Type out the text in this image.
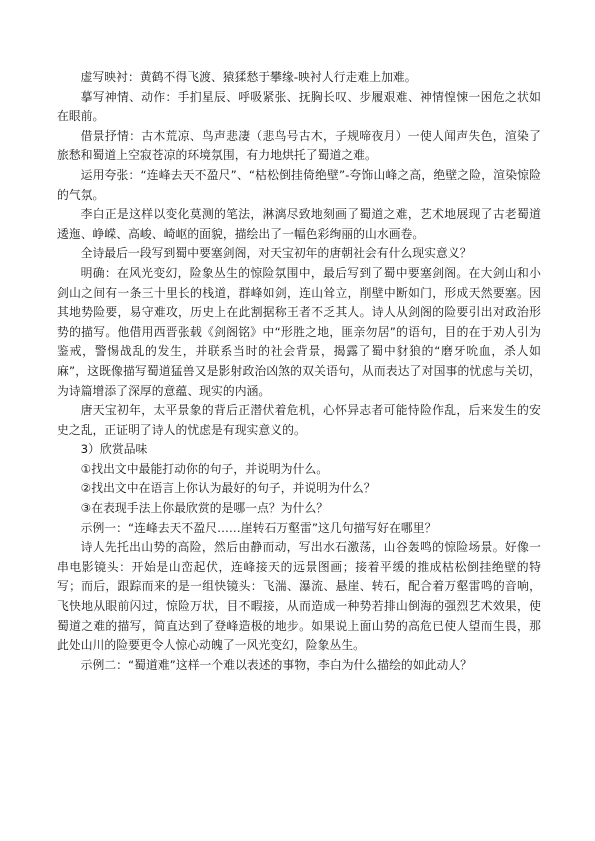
虚写映衬：黄鹤不得飞渡、猿猱愁于攀缘-映衬人行走难上加难。

摹写神情、动作：手扪星辰、呼吸紧张、抚胸长叹、步履艰难、神情惶悚一困危之状如在眼前。

借景抒情：古木荒凉、鸟声悲凄（悲鸟号古木，子规啼夜月）一使人闻声失色，渲染了旅愁和蜀道上空寂苍凉的环境氛围，有力地烘托了蜀道之难。

运用夸张：“连峰去天不盈尺”、“枯松倒挂倚绝壁”-夸饰山峰之高，绝壁之险，渲染惊险的气氛。

李白正是这样以变化莫测的笔法，淋漓尽致地刻画了蜀道之难，艺术地展现了古老蜀道逶迤、峥嵘、高峻、崎岖的面貌，描绘出了一幅色彩绚丽的山水画卷。

全诗最后一段写到蜀中要塞剑阁，对天宝初年的唐朝社会有什么现实意义？

明确：在风光变幻，险象丛生的惊险氛围中，最后写到了蜀中要塞剑阁。在大剑山和小剑山之间有一条三十里长的栈道，群峰如剑，连山耸立，削壁中断如门，形成天然要塞。因其地势险要，易守难攻，历史上在此割据称王者不乏其人。诗人从剑阁的险要引出对政治形势的描写。他借用西晋张载《剑阁铭》中“形胜之地，匪亲勿居”的语句，目的在于劝人引为鉴戒，警惕战乱的发生，并联系当时的社会背景，揭露了蜀中豺狼的“磨牙吮血，杀人如麻”，这既像描写蜀道猛兽又是影射政治凶煞的双关语句，从而表达了对国事的忧虑与关切，为诗篇增添了深厚的意蕴、现实的内涵。

唐天宝初年，太平景象的背后正潜伏着危机，心怀异志者可能恃险作乱，后来发生的安史之乱，正证明了诗人的忧虑是有现实意义的。

3）欣赏品味

①找出文中最能打动你的句子，并说明为什么。

②找出文中在语言上你认为最好的句子，并说明为什么？

③在表现手法上你最欣赏的是哪一点？为什么？

示例一：“连峰去天不盈尺……崖转石万壑雷”这几句描写好在哪里？

诗人先托出山势的高险，然后由静而动，写出水石激荡，山谷轰鸣的惊险场景。好像一串电影镜头：开始是山峦起伏，连峰接天的远景图画；接着平缓的推成枯松倒挂绝壁的特写；而后，跟踪而来的是一组快镜头：飞湍、瀑流、悬崖、转石，配合着万壑雷鸣的音响，飞快地从眼前闪过，惊险万状，目不暇接，从而造成一种势若排山倒海的强烈艺术效果，使蜀道之难的描写，简直达到了登峰造极的地步。如果说上面山势的高危已使人望而生畏，那此处山川的险要更令人惊心动魄了一风光变幻，险象丛生。

示例二：“蜀道难”这样一个难以表述的事物，李白为什么描绘的如此动人？
